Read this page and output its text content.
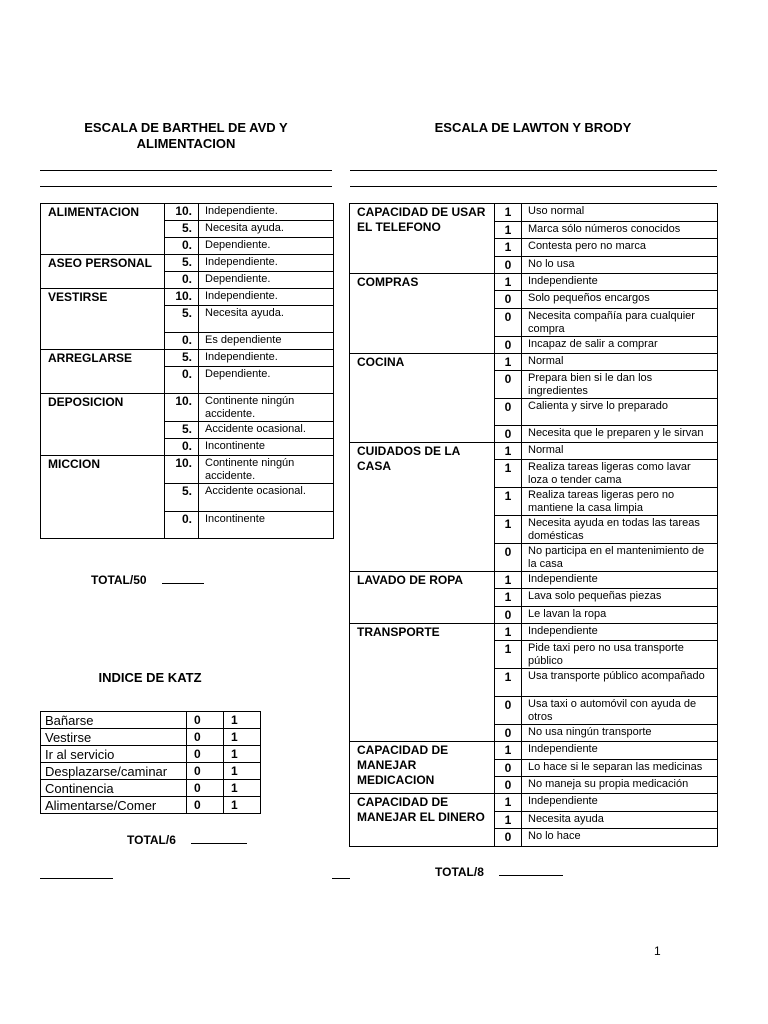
ESCALA DE BARTHEL DE AVD Y
ALIMENTACION
ESCALA DE LAWTON Y BRODY
ALIMENTACION	10.	Independiente.
	5.	Necesita ayuda.
	0.	Dependiente.
ASEO PERSONAL	5.	Independiente.
	0.	Dependiente.
VESTIRSE	10.	Independiente.
	5.	Necesita ayuda.
	0.	Es dependiente
ARREGLARSE	5.	Independiente.
	0.	Dependiente.
DEPOSICION	10.	Continente ningún accidente.
	5.	Accidente ocasional.
	0.	Incontinente
MICCION	10.	Continente ningún accidente.
	5.	Accidente ocasional.
	0.	Incontinente
TOTAL/50
INDICE DE KATZ
Bañarse	0	1
Vestirse	0	1
Ir al servicio	0	1
Desplazarse/caminar	0	1
Continencia	0	1
Alimentarse/Comer	0	1
TOTAL/6
CAPACIDAD DE USAR EL TELEFONO	1	Uso normal
	1	Marca sólo números conocidos
	1	Contesta pero no marca
	0	No lo usa
COMPRAS	1	Independiente
	0	Solo pequeños encargos
	0	Necesita compañía para cualquier compra
	0	Incapaz de salir a comprar
COCINA	1	Normal
	0	Prepara bien si le dan los ingredientes
	0	Calienta y sirve lo preparado
	0	Necesita que le preparen y le sirvan
CUIDADOS DE LA CASA	1	Normal
	1	Realiza tareas ligeras como lavar loza o tender cama
	1	Realiza tareas ligeras pero no mantiene la casa limpia
	1	Necesita ayuda en todas las tareas domésticas
	0	No participa en el mantenimiento de la casa
LAVADO DE ROPA	1	Independiente
	1	Lava solo pequeñas piezas
	0	Le lavan la ropa
TRANSPORTE	1	Independiente
	1	Pide taxi pero no usa transporte público
	1	Usa transporte público acompañado
	0	Usa taxi o automóvil con ayuda de otros
	0	No usa ningún transporte
CAPACIDAD DE MANEJAR MEDICACION	1	Independiente
	0	Lo hace si le separan las medicinas
	0	No maneja su propia medicación
CAPACIDAD DE MANEJAR EL DINERO	1	Independiente
	1	Necesita ayuda
	0	No lo hace
TOTAL/8
1
